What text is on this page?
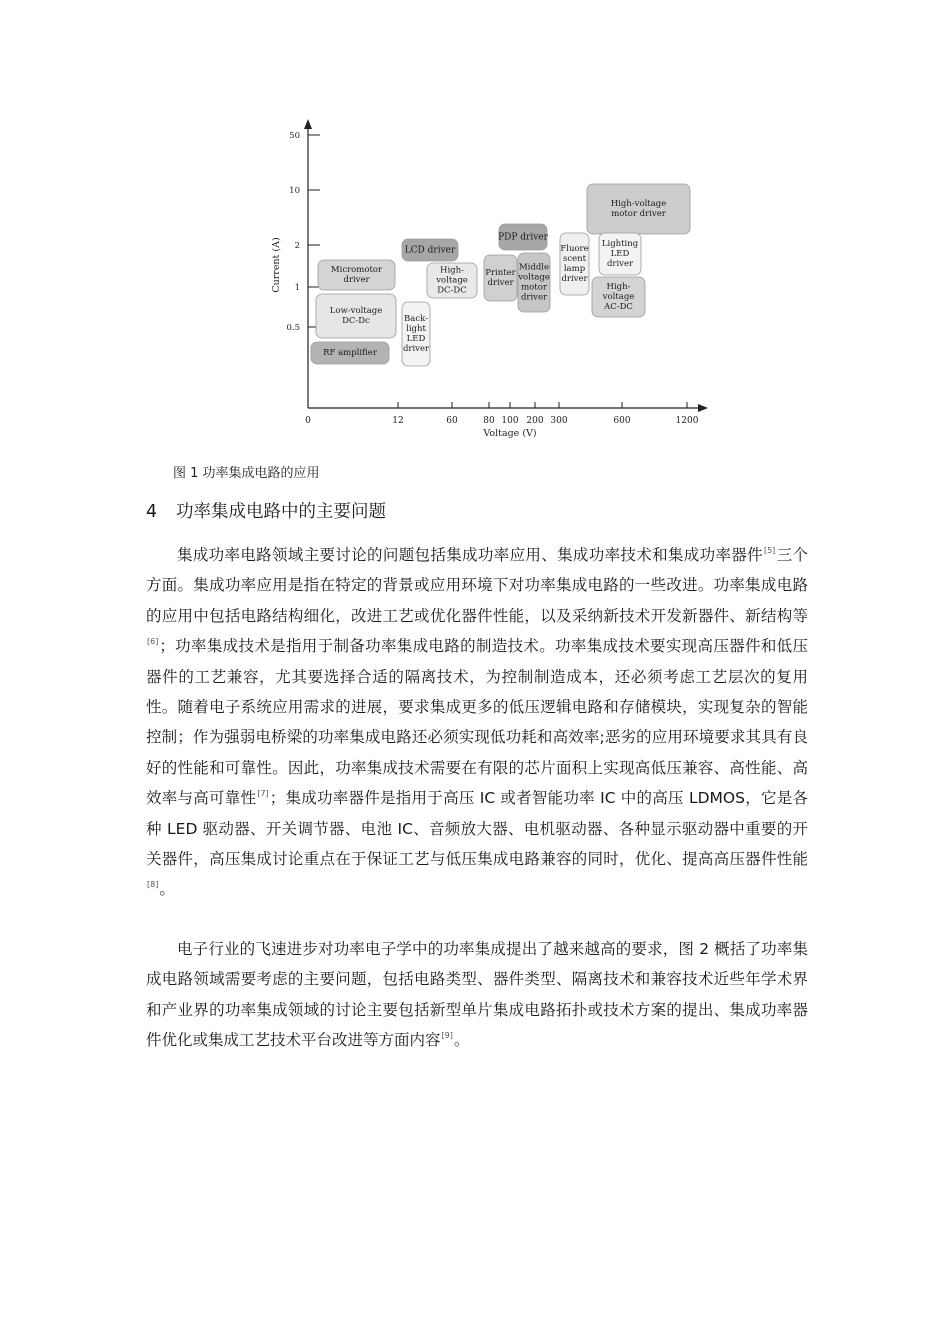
0	12	60	80 100 200 300	600	1200
0.5
1
2
10
50
Voltage (V)
Current (A)	Micromotor
driver
Low-voltage
DC-Dc
RF amplifier
LCD driver
High-
voltage
DC-DC
Back-
light
LED
driver
PDP driver
Printer
driver
Middle
voltage
motor
driver
Fluore
scent
lamp
driver
High-voltage
motor driver
Lighting
LED
driver
High-
voltage
AC-DC
图 1 功率集成电路的应用
4 功率集成电路中的主要问题

集成功率电路领域主要讨论的问题包括集成功率应用、集成功率技术和集成功率器件[5]三个方面。集成功率应用是指在特定的背景或应用环境下对功率集成电路的一些改进。功率集成电路的应用中包括电路结构细化，改进工艺或优化器件性能，以及采纳新技术开发新器件、新结构等[6]；功率集成技术是指用于制备功率集成电路的制造技术。功率集成技术要实现高压器件和低压器件的工艺兼容，尤其要选择合适的隔离技术，为控制制造成本，还必须考虑工艺层次的复用性。随着电子系统应用需求的进展，要求集成更多的低压逻辑电路和存储模块，实现复杂的智能控制；作为强弱电桥梁的功率集成电路还必须实现低功耗和高效率;恶劣的应用环境要求其具有良好的性能和可靠性。因此，功率集成技术需要在有限的芯片面积上实现高低压兼容、高性能、高效率与高可靠性[7]；集成功率器件是指用于高压 IC 或者智能功率 IC 中的高压 LDMOS，它是各种 LED 驱动器、开关调节器、电池 IC、音频放大器、电机驱动器、各种显示驱动器中重要的开关器件，高压集成讨论重点在于保证工艺与低压集成电路兼容的同时，优化、提高高压器件性能[8]。

电子行业的飞速进步对功率电子学中的功率集成提出了越来越高的要求，图 2 概括了功率集成电路领域需要考虑的主要问题，包括电路类型、器件类型、隔离技术和兼容技术近些年学术界和产业界的功率集成领域的讨论主要包括新型单片集成电路拓扑或技术方案的提出、集成功率器件优化或集成工艺技术平台改进等方面内容[9]。
